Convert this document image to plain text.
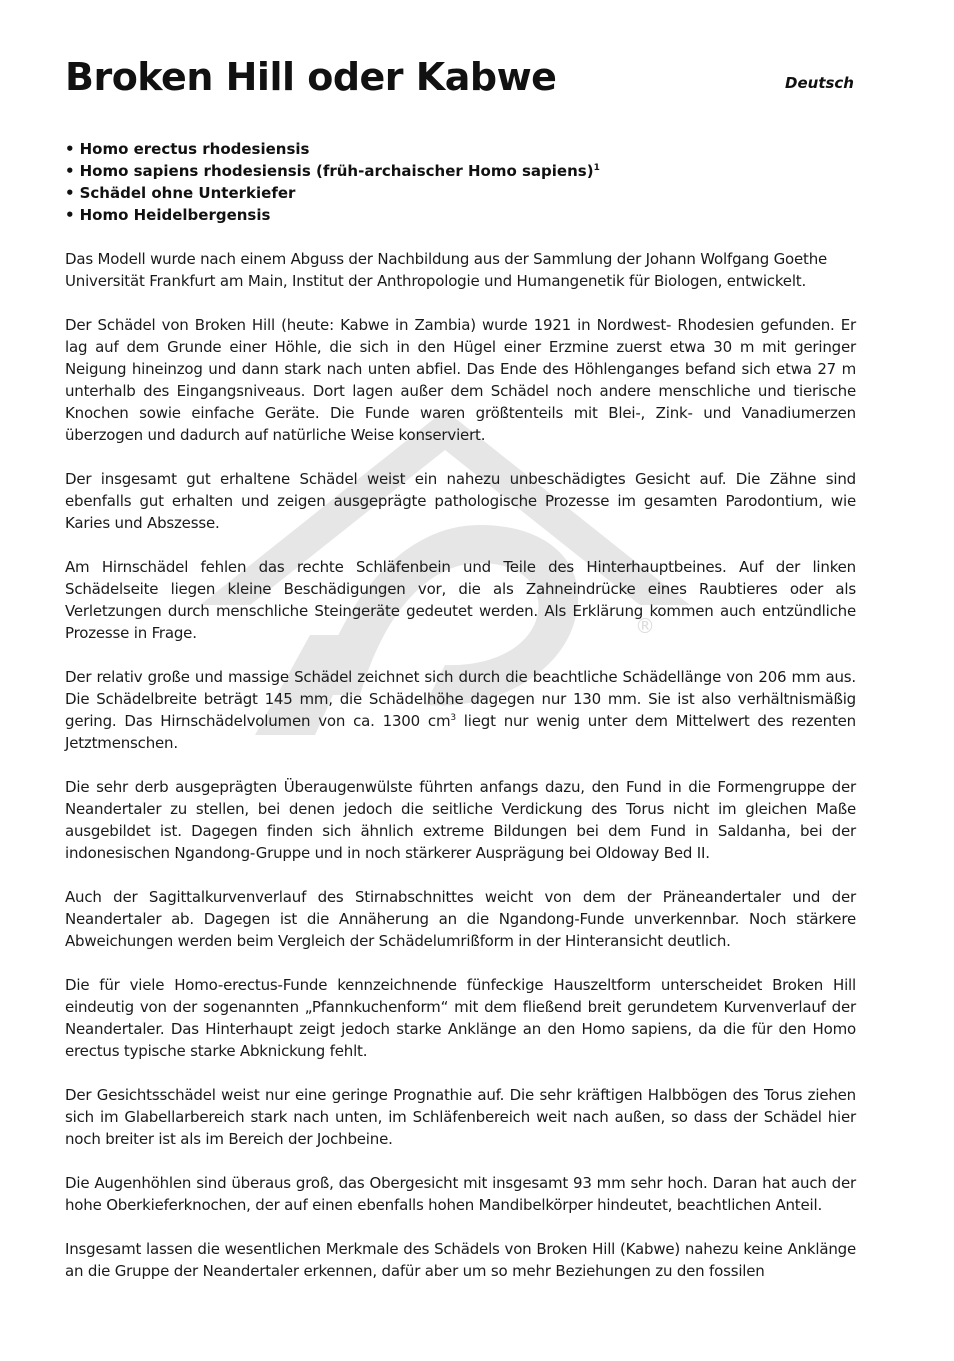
®
Broken Hill oder Kabwe	Deutsch
• Homo erectus rhodesiensis
• Homo sapiens rhodesiensis (früh-archaischer Homo sapiens)$^1$
• Schädel ohne Unterkiefer
• Homo Heidelbergensis

Das Modell wurde nach einem Abguss der Nachbildung aus der Sammlung der Johann Wolfgang Goethe Universität Frankfurt am Main, Institut der Anthropologie und Humangenetik für Biologen, entwickelt.

Der Schädel von Broken Hill (heute: Kabwe in Zambia) wurde 1921 in Nordwest- Rhodesien gefunden. Er lag auf dem Grunde einer Höhle, die sich in den Hügel einer Erzmine zuerst etwa 30 m mit geringer Neigung hineinzog und dann stark nach unten abfiel. Das Ende des Höhlenganges befand sich etwa 27 m unterhalb des Eingangsniveaus. Dort lagen außer dem Schädel noch andere menschliche und tierische Knochen sowie einfache Geräte. Die Funde waren größtenteils mit Blei-, Zink- und Vanadiumerzen überzogen und dadurch auf natürliche Weise konserviert.

Der insgesamt gut erhaltene Schädel weist ein nahezu unbeschädigtes Gesicht auf. Die Zähne sind ebenfalls gut erhalten und zeigen ausgeprägte pathologische Prozesse im gesamten Parodontium, wie Karies und Abszesse.

Am Hirnschädel fehlen das rechte Schläfenbein und Teile des Hinterhauptbeines. Auf der linken Schädelseite liegen kleine Beschädigungen vor, die als Zahneindrücke eines Raubtieres oder als Verletzungen durch menschliche Steingeräte gedeutet werden. Als Erklärung kommen auch entzündliche Prozesse in Frage.

Der relativ große und massige Schädel zeichnet sich durch die beachtliche Schädellänge von 206 mm aus. Die Schädelbreite beträgt 145 mm, die Schädelhöhe dagegen nur 130 mm. Sie ist also verhältnismäßig gering. Das Hirnschädelvolumen von ca. 1300 $cm^3$ liegt nur wenig unter dem Mittelwert des rezenten Jetztmenschen.

Die sehr derb ausgeprägten Überaugenwülste führten anfangs dazu, den Fund in die Formengruppe der Neandertaler zu stellen, bei denen jedoch die seitliche Verdickung des Torus nicht im gleichen Maße ausgebildet ist. Dagegen finden sich ähnlich extreme Bildungen bei dem Fund in Saldanha, bei der indonesischen Ngandong-Gruppe und in noch stärkerer Ausprägung bei Oldoway Bed II.

Auch der Sagittalkurvenverlauf des Stirnabschnittes weicht von dem der Präneandertaler und der Neandertaler ab. Dagegen ist die Annäherung an die Ngandong-Funde unverkennbar. Noch stärkere Abweichungen werden beim Vergleich der Schädelumrißform in der Hinteransicht deutlich.

Die für viele Homo-erectus-Funde kennzeichnende fünfeckige Hauszeltform unterscheidet Broken Hill eindeutig von der sogenannten „Pfannkuchenform“ mit dem fließend breit gerundetem Kurvenverlauf der Neandertaler. Das Hinterhaupt zeigt jedoch starke Anklänge an den Homo sapiens, da die für den Homo erectus typische starke Abknickung fehlt.

Der Gesichtsschädel weist nur eine geringe Prognathie auf. Die sehr kräftigen Halbbögen des Torus ziehen sich im Glabellarbereich stark nach unten, im Schläfenbereich weit nach außen, so dass der Schädel hier noch breiter ist als im Bereich der Jochbeine.

Die Augenhöhlen sind überaus groß, das Obergesicht mit insgesamt 93 mm sehr hoch. Daran hat auch der hohe Oberkieferknochen, der auf einen ebenfalls hohen Mandibelkörper hindeutet, beachtlichen Anteil.

Insgesamt lassen die wesentlichen Merkmale des Schädels von Broken Hill (Kabwe) nahezu keine Anklänge an die Gruppe der Neandertaler erkennen, dafür aber um so mehr Beziehungen zu den fossilen
